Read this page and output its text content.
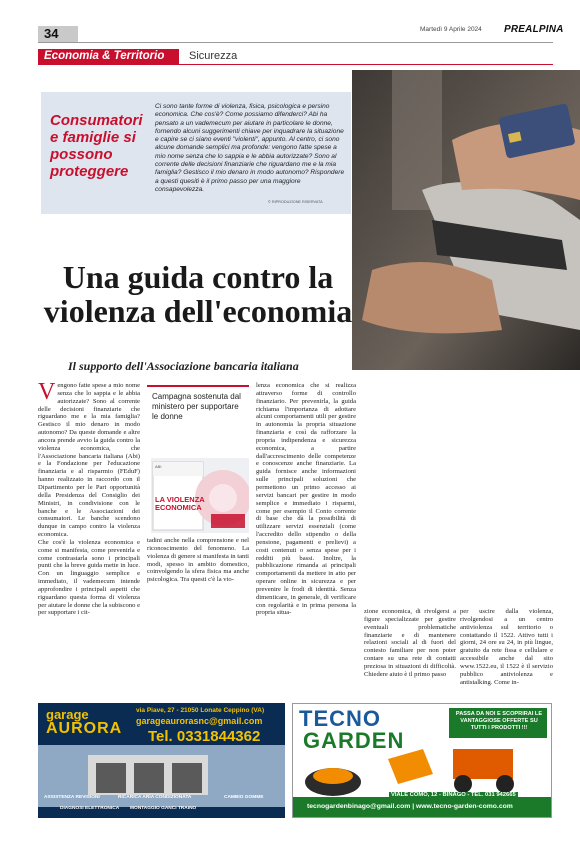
34	Martedì 9 Aprile 2024 PREALPINA
Economia & Territorio Sicurezza
Consumatori e famiglie si possono proteggere
Ci sono tante forme di violenza, fisica, psicologica e persino economica. Che cos'è? Come possiamo difenderci? Abi ha pensato a un vademecum per aiutare in particolare le donne, fornendo alcuni suggerimenti chiave per inquadrare la situazione e capire se ci siano eventi "violenti", appunto. Al centro, ci sono alcune domande semplici ma profonde: vengono fatte spese a mio nome senza che lo sappia e le abbia autorizzate? Sono al corrente delle decisioni finanziarie che riguardano me e la mia famiglia? Gestisco il mio denaro in modo autonomo? Rispondere a questi quesiti è il primo passo per una maggiore consapevolezza.
© RIPRODUZIONE RISERVATA
Una guida contro la violenza dell'economia
Il supporto dell'Associazione bancaria italiana
Vengono fatte spese a mio nome senza che lo sappia e le abbia autorizzate? Sono al corrente delle decisioni finanziarie che riguardano me e la mia famiglia? Gestisco il mio denaro in modo autonomo? Da queste domande e altre ancora prende avvio la guida contro la violenza economica, che l'Associazione bancaria italiana (Abi) e la Fondazione per l'educazione finanziaria e al risparmio (FEduF) hanno realizzato in raccordo con il Dipartimento per le Pari opportunità della Presidenza del Consiglio dei Ministri, in condivisione con le banche e le Associazioni dei consumatori. Le banche scendono dunque in campo contro la violenza economica.
Che cos'è la violenza economica e come si manifesta, come prevenirla e come contrastarla sono i principali punti che la breve guida mette in luce. Con un linguaggio semplice e immediato, il vademecum intende approfondire i principali aspetti che riguardano questa forma di violenza per aiutare le donne che la subiscono e per supportare i cit-
Campagna sostenuta dal ministero per supportare le donne
ABI
LA VIOLENZA ECONOMICA
tadini anche nella comprensione e nel riconoscimento del fenomeno. La violenza di genere si manifesta in tanti modi, spesso in ambito domestico, coinvolgendo la sfera fisica ma anche psicologica. Tra questi c'è la vio-
lenza economica che si realizza attraverso forme di controllo finanziario. Per prevenirla, la guida richiama l'importanza di adottare alcuni comportamenti utili per gestire in autonomia la propria situazione finanziaria e così da rafforzare la propria indipendenza e sicurezza economica, a partire dall'accrescimento delle competenze e conoscenze anche finanziarie. La guida fornisce anche informazioni sulle principali soluzioni che permettono un primo accesso ai servizi bancari per gestire in modo semplice e immediato i risparmi, come per esempio il Conto corrente di base che dà la possibilità di utilizzare servizi essenziali (come l'accredito dello stipendio o della pensione, pagamenti e prelievi) a costi contenuti o senza spese per i redditi più bassi. Inoltre, la pubblicazione rimanda ai principali comportamenti da mettere in atto per operare online in sicurezza e per prevenire le frodi di identità. Senza dimenticare, in generale, di verificare con regolarità e in prima persona la propria situa-	zione economica, di rivolgersi a figure specializzate per gestire eventuali problematiche finanziarie e di mantenere relazioni sociali al di fuori del contesto familiare per non poter contare su una rete di contatti preziosa in situazioni di difficoltà. Chiedere aiuto è il primo passo
per uscire dalla violenza, rivolgendosi a un centro antiviolenza sul territorio o contattando il 1522. Attivo tutti i giorni, 24 ore su 24, in più lingue, gratuito da rete fissa e cellulare e accessibile anche dal sito www.1522.eu, il 1522 è il servizio pubblico antiviolenza e antistalking. Come in-
garage
AURORA
via Piave, 27 - 21050 Lonate Ceppino (VA)
garageaurorasnc@gmail.com
Tel. 0331844362
ASSISTENZA REVISIONI	RICARICA ARIA CONDIZIONATA	CAMBIO GOMME
DIAGNOSI ELETTRONICA MONTAGGIO GANCI TRAINO
TECNO
GARDEN
PASSA DA NOI E SCOPRIRAI LE VANTAGGIOSE OFFERTE SU TUTTI I PRODOTTI !!!
VIALE COMO, 12 - BINAGO - TEL. 031 942665
tecnogardenbinago@gmail.com | www.tecno-garden-como.com
